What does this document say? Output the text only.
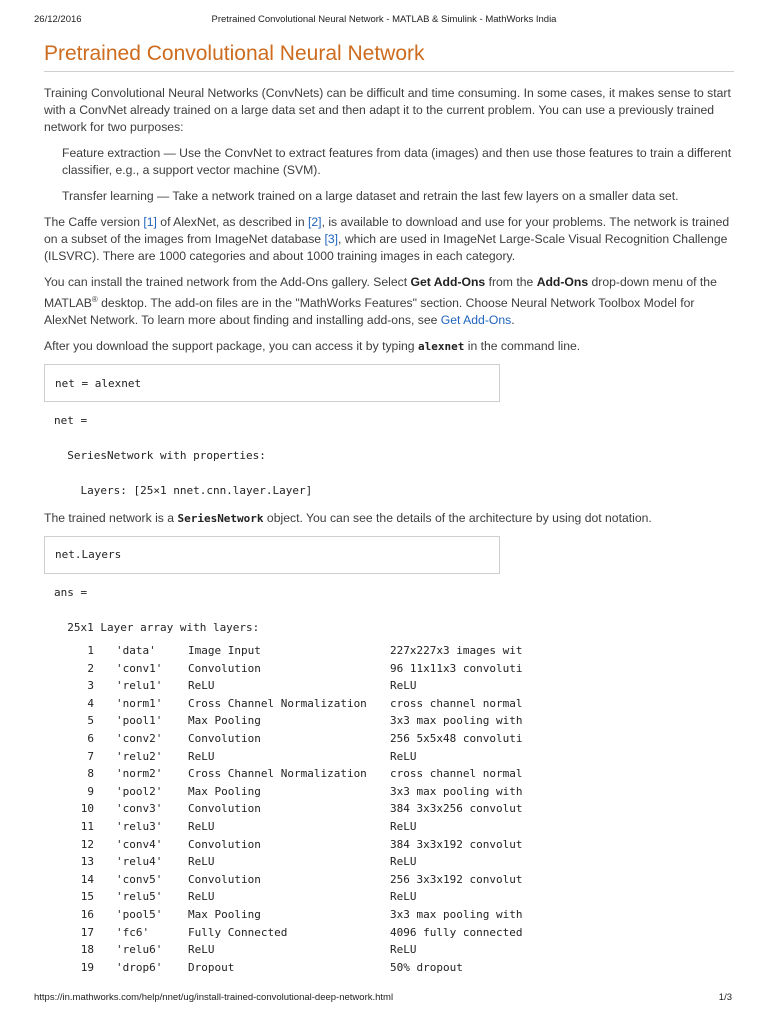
26/12/2016	Pretrained Convolutional Neural Network - MATLAB & Simulink - MathWorks India
Pretrained Convolutional Neural Network

Training Convolutional Neural Networks (ConvNets) can be difficult and time consuming. In some cases, it makes sense to start with a ConvNet already trained on a large data set and then adapt it to the current problem. You can use a previously trained network for two purposes:

Feature extraction — Use the ConvNet to extract features from data (images) and then use those features to train a different classifier, e.g., a support vector machine (SVM).

Transfer learning — Take a network trained on a large dataset and retrain the last few layers on a smaller data set.

The Caffe version [1] of AlexNet, as described in [2], is available to download and use for your problems. The network is trained on a subset of the images from ImageNet database [3], which are used in ImageNet Large-Scale Visual Recognition Challenge (ILSVRC). There are 1000 categories and about 1000 training images in each category.

You can install the trained network from the Add-Ons gallery. Select Get Add-Ons from the Add-Ons drop-down menu of the MATLAB® desktop. The add-on files are in the "MathWorks Features" section. Choose Neural Network Toolbox Model for AlexNet Network. To learn more about finding and installing add-ons, see Get Add-Ons.

After you download the support package, you can access it by typing alexnet in the command line.

net = alexnet
net =

SeriesNetwork with properties:

Layers: [25×1 nnet.cnn.layer.Layer]

The trained network is a SeriesNetwork object. You can see the details of the architecture by using dot notation.

net.Layers
ans =

25x1 Layer array with layers:
1 'data'	Image Input	227x227x3 images wit
2 'conv1' Convolution	96 11x11x3 convoluti
3 'relu1' ReLU	ReLU
4 'norm1' Cross Channel Normalization cross channel normal
5 'pool1' Max Pooling	3x3 max pooling with
6 'conv2' Convolution	256 5x5x48 convoluti
7 'relu2' ReLU	ReLU
8 'norm2' Cross Channel Normalization cross channel normal
9 'pool2' Max Pooling	3x3 max pooling with
10 'conv3' Convolution	384 3x3x256 convolut
11 'relu3' ReLU	ReLU
12 'conv4' Convolution	384 3x3x192 convolut
13 'relu4' ReLU	ReLU
14 'conv5' Convolution	256 3x3x192 convolut
15 'relu5' ReLU	ReLU
16 'pool5' Max Pooling	3x3 max pooling with
17 'fc6'	Fully Connected	4096 fully connected
18 'relu6' ReLU	ReLU
19 'drop6' Dropout	50% dropout
https://in.mathworks.com/help/nnet/ug/install-trained-convolutional-deep-network.html	1/3
